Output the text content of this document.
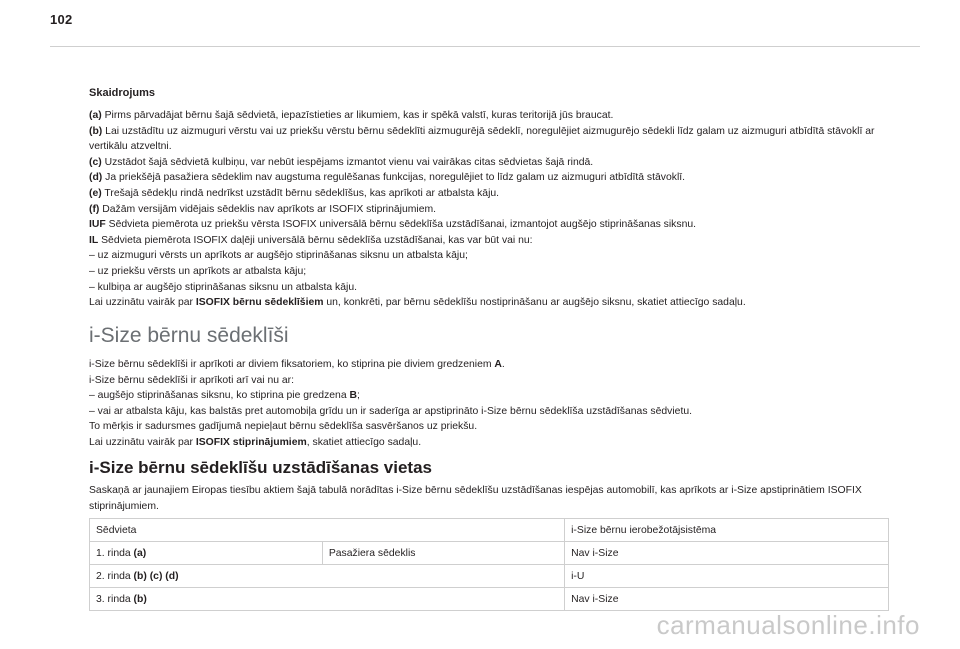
102
Skaidrojums

(a) Pirms pārvadājat bērnu šajā sēdvietā, iepazīstieties ar likumiem, kas ir spēkā valstī, kuras teritorijā jūs braucat.

(b) Lai uzstādītu uz aizmuguri vērstu vai uz priekšu vērstu bērnu sēdeklīti aizmugurējā sēdeklī, noregulējiet aizmugurējo sēdekli līdz galam uz aizmuguri atbīdītā stāvoklī ar vertikālu atzveltni.

(c) Uzstādot šajā sēdvietā kulbiņu, var nebūt iespējams izmantot vienu vai vairākas citas sēdvietas šajā rindā.

(d) Ja priekšējā pasažiera sēdeklim nav augstuma regulēšanas funkcijas, noregulējiet to līdz galam uz aizmuguri atbīdītā stāvoklī.

(e) Trešajā sēdekļu rindā nedrīkst uzstādīt bērnu sēdeklīšus, kas aprīkoti ar atbalsta kāju.

(f) Dažām versijām vidējais sēdeklis nav aprīkots ar ISOFIX stiprinājumiem.

IUF Sēdvieta piemērota uz priekšu vērsta ISOFIX universālā bērnu sēdeklīša uzstādīšanai, izmantojot augšējo stiprināšanas siksnu.

IL Sēdvieta piemērota ISOFIX daļēji universālā bērnu sēdeklīša uzstādīšanai, kas var būt vai nu:

– uz aizmuguri vērsts un aprīkots ar augšējo stiprināšanas siksnu un atbalsta kāju;

– uz priekšu vērsts un aprīkots ar atbalsta kāju;

– kulbiņa ar augšējo stiprināšanas siksnu un atbalsta kāju.

Lai uzzinātu vairāk par ISOFIX bērnu sēdeklīšiem un, konkrēti, par bērnu sēdeklīšu nostiprināšanu ar augšējo siksnu, skatiet attiecīgo sadaļu.

i-Size bērnu sēdeklīši

i-Size bērnu sēdeklīši ir aprīkoti ar diviem fiksatoriem, ko stiprina pie diviem gredzeniem A.

i-Size bērnu sēdeklīši ir aprīkoti arī vai nu ar:

– augšējo stiprināšanas siksnu, ko stiprina pie gredzena B;

– vai ar atbalsta kāju, kas balstās pret automobiļa grīdu un ir saderīga ar apstiprināto i-Size bērnu sēdeklīša uzstādīšanas sēdvietu.

To mērķis ir sadursmes gadījumā nepieļaut bērnu sēdeklīša sasvēršanos uz priekšu.

Lai uzzinātu vairāk par ISOFIX stiprinājumiem, skatiet attiecīgo sadaļu.

i-Size bērnu sēdeklīšu uzstādīšanas vietas
Saskaņā ar jaunajiem Eiropas tiesību aktiem šajā tabulā norādītas i-Size bērnu sēdeklīšu uzstādīšanas iespējas automobilī, kas aprīkots ar i-Size apstiprinātiem ISOFIX stiprinājumiem.
Sēdvieta		i-Size bērnu ierobežotājsistēma
1. rinda (a)	Pasažiera sēdeklis	Nav i-Size
2. rinda (b) (c) (d)		i-U
3. rinda (b)		Nav i-Size
carmanualsonline.info
